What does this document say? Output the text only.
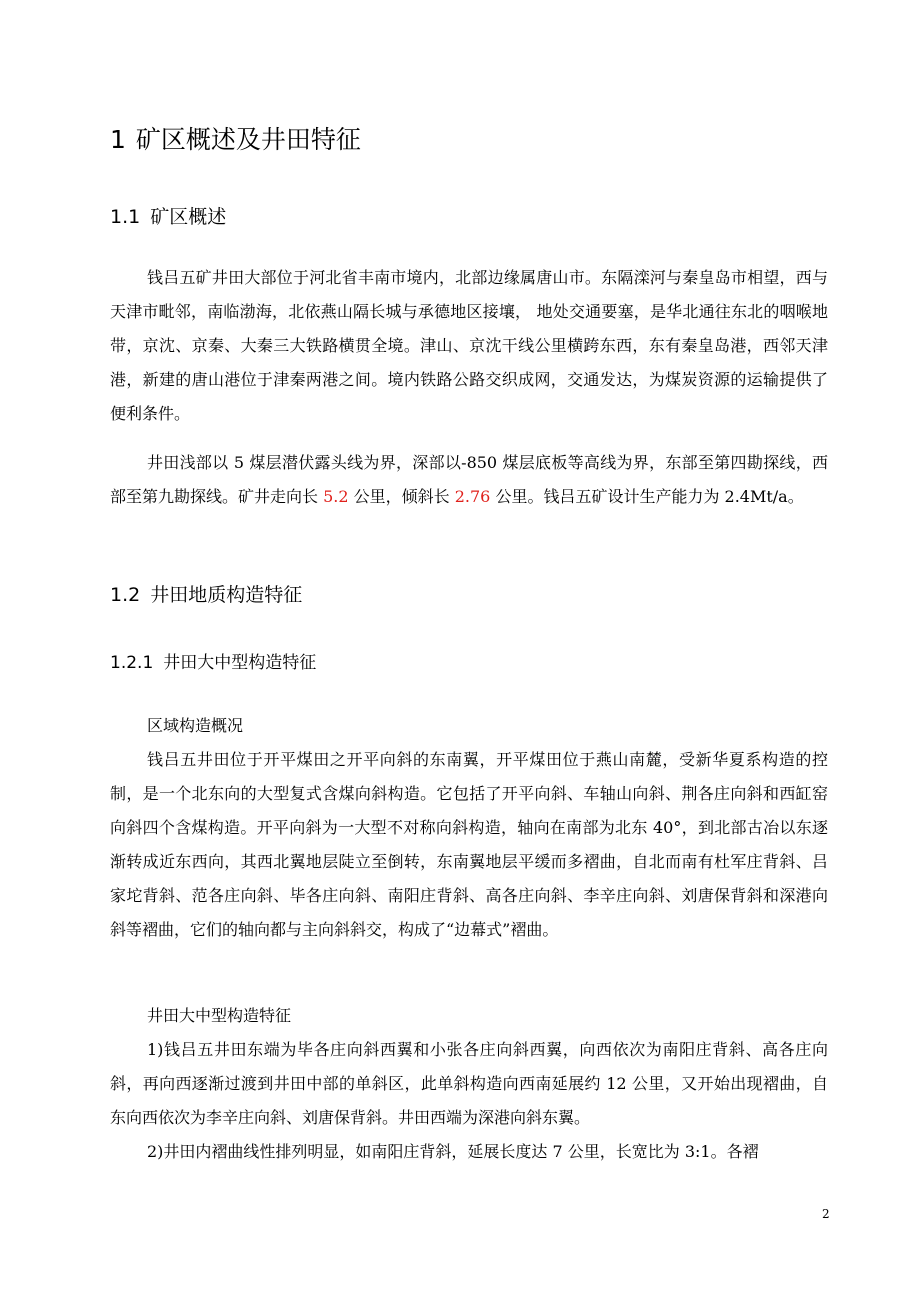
1 矿区概述及井田特征
1.1 矿区概述

钱吕五矿井田大部位于河北省丰南市境内，北部边缘属唐山市。东隔滦河与秦皇岛市相望，西与天津市毗邻，南临渤海，北依燕山隔长城与承德地区接壤， 地处交通要塞，是华北通往东北的咽喉地带，京沈、京秦、大秦三大铁路横贯全境。津山、京沈干线公里横跨东西，东有秦皇岛港，西邻天津港，新建的唐山港位于津秦两港之间。境内铁路公路交织成网，交通发达，为煤炭资源的运输提供了便利条件。

井田浅部以 5 煤层潜伏露头线为界，深部以-850 煤层底板等高线为界，东部至第四勘探线，西部至第九勘探线。矿井走向长 5.2 公里，倾斜长 2.76 公里。钱吕五矿设计生产能力为 2.4Mt/a。

1.2 井田地质构造特征
1.2.1 井田大中型构造特征

区域构造概况

钱吕五井田位于开平煤田之开平向斜的东南翼，开平煤田位于燕山南麓，受新华夏系构造的控制，是一个北东向的大型复式含煤向斜构造。它包括了开平向斜、车轴山向斜、荆各庄向斜和西缸窑向斜四个含煤构造。开平向斜为一大型不对称向斜构造，轴向在南部为北东 40°，到北部古冶以东逐渐转成近东西向，其西北翼地层陡立至倒转，东南翼地层平缓而多褶曲，自北而南有杜军庄背斜、吕家坨背斜、范各庄向斜、毕各庄向斜、南阳庄背斜、高各庄向斜、李辛庄向斜、刘唐保背斜和深港向斜等褶曲，它们的轴向都与主向斜斜交，构成了“边幕式”褶曲。

井田大中型构造特征

1)钱吕五井田东端为毕各庄向斜西翼和小张各庄向斜西翼，向西依次为南阳庄背斜、高各庄向斜，再向西逐渐过渡到井田中部的单斜区，此单斜构造向西南延展约 12 公里，又开始出现褶曲，自东向西依次为李辛庄向斜、刘唐保背斜。井田西端为深港向斜东翼。

2)井田内褶曲线性排列明显，如南阳庄背斜，延展长度达 7 公里，长宽比为 3:1。各褶

2
